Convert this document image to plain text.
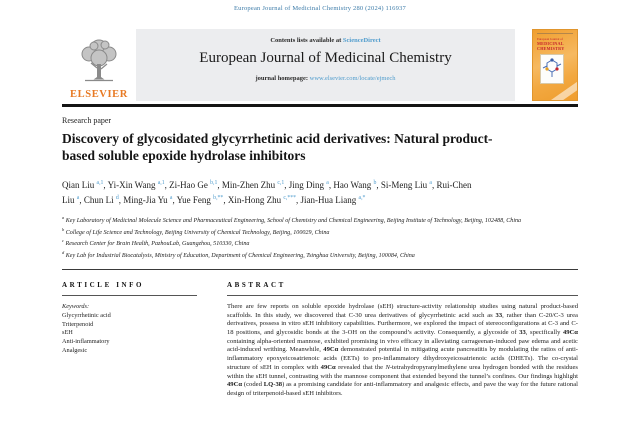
European Journal of Medicinal Chemistry 280 (2024) 116937
ELSEVIER
Contents lists available at ScienceDirect
European Journal of Medicinal Chemistry
journal homepage: www.elsevier.com/locate/ejmech
European Journal of
MEDICINAL
CHEMISTRY
Research paper
Discovery of glycosidated glycyrrhetinic acid derivatives: Natural product-based soluble epoxide hydrolase inhibitors
Qian Liu $^{a,1}$, Yi-Xin Wang $^{a,1}$, Zi-Hao Ge $^{b,1}$, Min-Zhen Zhu $^{c,1}$, Jing Ding $^a$, Hao Wang $^b$, Si-Meng Liu $^a$, Rui-Chen Liu $^a$, Chun Li $^d$, Ming-Jia Yu $^a$, Yue Feng $^{b,**}$, Xin-Hong Zhu $^{c,***}$, Jian-Hua Liang $^{a,*}$
$^a$ Key Laboratory of Medicinal Molecule Science and Pharmaceutical Engineering, School of Chemistry and Chemical Engineering, Beijing Institute of Technology, Beijing, 102488, China
$^b$ College of Life Science and Technology, Beijing University of Chemical Technology, Beijing, 100029, China
$^c$ Research Center for Brain Health, PazhouLab, Guangzhou, 510330, China
$^d$ Key Lab for Industrial Biocatalysis, Ministry of Education, Department of Chemical Engineering, Tsinghua University, Beijing, 100084, China
ARTICLE INFO
Keywords:
Glycyrrhetinic acid
Triterpenoid
sEH
Anti-inflammatory
Analgesic
ABSTRACT

There are few reports on soluble epoxide hydrolase (sEH) structure-activity relationship studies using natural product-based scaffolds. In this study, we discovered that C-30 urea derivatives of glycyrrhetinic acid such as 33, rather than C-20/C-3 urea derivatives, possess in vitro sEH inhibitory capabilities. Furthermore, we explored the impact of stereoconfigurations at C-3 and C-18 positions, and glycosidic bonds at the 3-OH on the compound’s activity. Consequently, a glycoside of 33, specifically 49Cα containing alpha-oriented mannose, exhibited promising in vivo efficacy in alleviating carrageenan-induced paw edema and acetic acid-induced writhing. Meanwhile, 49Cα demonstrated potential in mitigating acute pancreatitis by modulating the ratios of anti-inflammatory epoxyeicosatrienoic acids (EETs) to pro-inflammatory dihydroxyeicosatrienoic acids (DHETs). The co-crystal structure of sEH in complex with 49Cα revealed that the N-tetrahydropyranylmethylene urea hydrogen bonded with the residues within the sEH tunnel, contrasting with the mannose component that extended beyond the tunnel’s confines. Our findings highlight 49Cα (coded LQ-38) as a promising candidate for anti-inflammatory and analgesic effects, and pave the way for the future rational design of triterpenoid-based sEH inhibitors.
